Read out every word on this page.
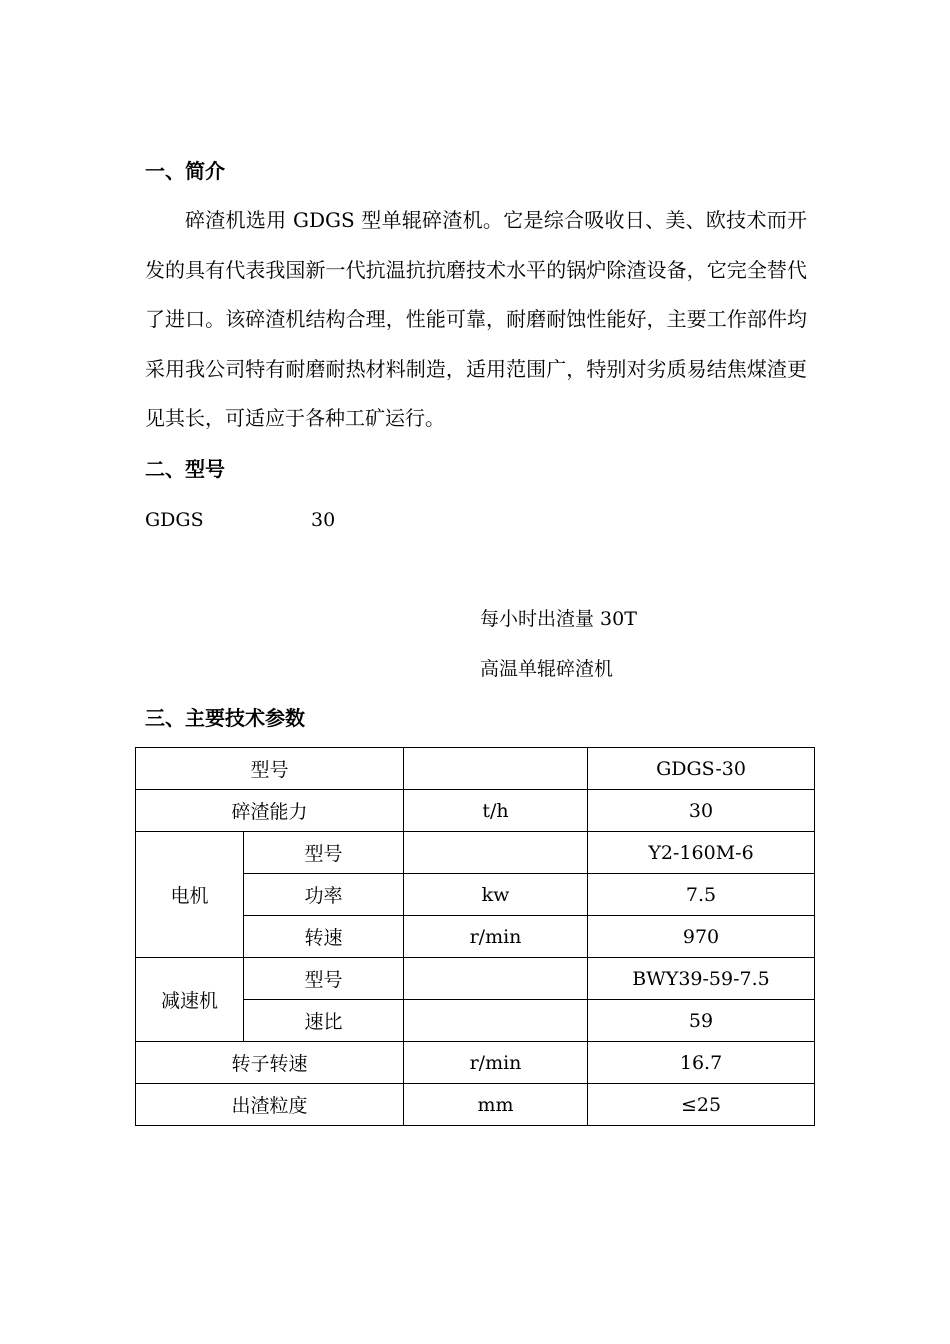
一、简介

碎渣机选用 GDGS 型单辊碎渣机。它是综合吸收日、美、欧技术而开发的具有代表我国新一代抗温抗抗磨技术水平的锅炉除渣设备，它完全替代了进口。该碎渣机结构合理，性能可靠，耐磨耐蚀性能好，主要工作部件均采用我公司特有耐磨耐热材料制造，适用范围广，特别对劣质易结焦煤渣更见其长，可适应于各种工矿运行。

二、型号
GDGS	30
每小时出渣量 30T
高温单辊碎渣机
三、主要技术参数
型号			GDGS-30
碎渣能力		t/h	30
电机	型号		Y2-160M-6
	功率	kw	7.5
	转速	r/min	970
减速机	型号		BWY39-59-7.5
	速比		59
转子转速		r/min	16.7
出渣粒度		mm	≤25
